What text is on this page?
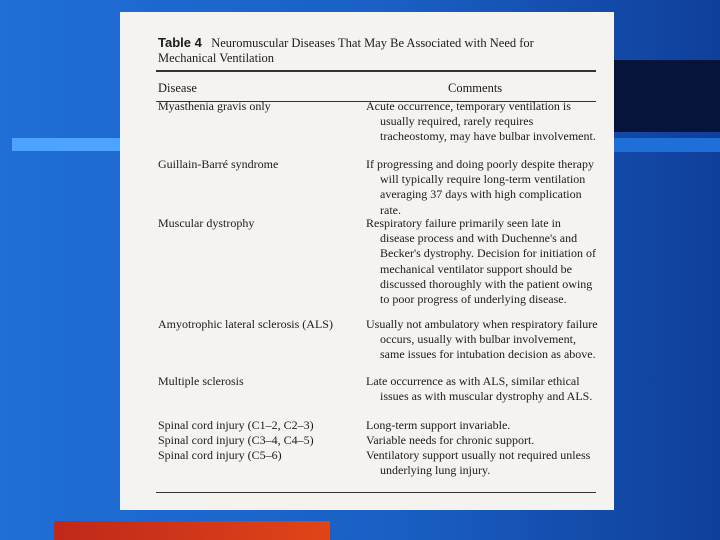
Table 4 Neuromuscular Diseases That May Be Associated with Need for
Mechanical Ventilation
Disease	Comments
Myasthenia gravis only	Acute occurrence, temporary ventilation is usually required, rarely requires tracheostomy, may have bulbar involvement.
Guillain-Barré syndrome	If progressing and doing poorly despite therapy will typically require long-term ventilation averaging 37 days with high complication rate.
Muscular dystrophy	Respiratory failure primarily seen late in disease process and with Duchenne's and Becker's dystrophy. Decision for initiation of mechanical ventilator support should be discussed thoroughly with the patient owing to poor progress of underlying disease.
Amyotrophic lateral sclerosis (ALS)	Usually not ambulatory when respiratory failure occurs, usually with bulbar involvement, same issues for intubation decision as above.
Multiple sclerosis	Late occurrence as with ALS, similar ethical issues as with muscular dystrophy and ALS.
Spinal cord injury (C1–2, C2–3)	Long-term support invariable.
Spinal cord injury (C3–4, C4–5)	Variable needs for chronic support.
Spinal cord injury (C5–6)	Ventilatory support usually not required unless underlying lung injury.
